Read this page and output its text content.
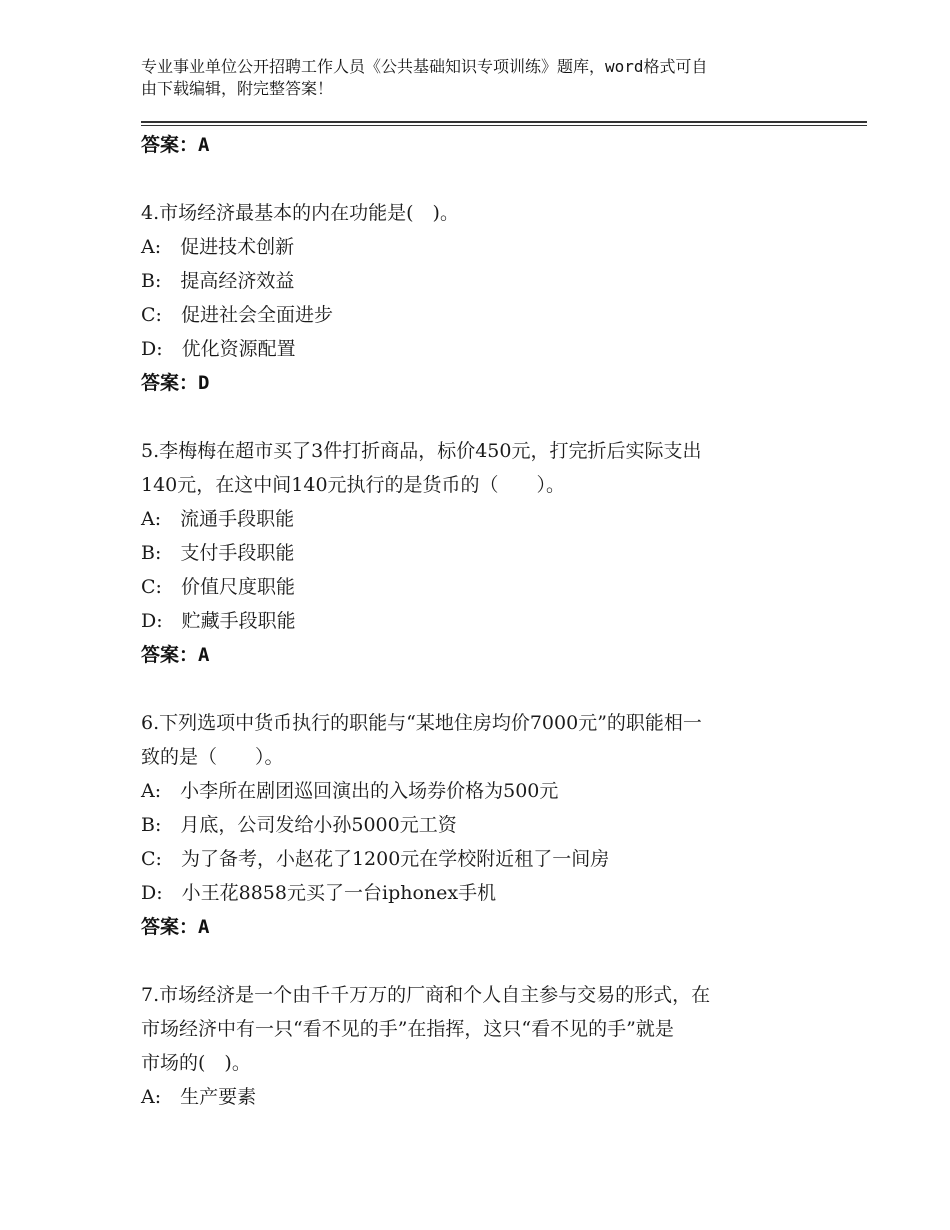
专业事业单位公开招聘工作人员《公共基础知识专项训练》题库，word格式可自
由下载编辑，附完整答案！
答案：A
4.市场经济最基本的内在功能是(　)。
A:　促进技术创新
B:　提高经济效益
C:　促进社会全面进步
D:　优化资源配置
答案：D
5.李梅梅在超市买了3件打折商品，标价450元，打完折后实际支出
140元，在这中间140元执行的是货币的（　　）。
A:　流通手段职能
B:　支付手段职能
C:　价值尺度职能
D:　贮藏手段职能
答案：A
6.下列选项中货币执行的职能与“某地住房均价7000元”的职能相一
致的是（　　）。
A:　小李所在剧团巡回演出的入场券价格为500元
B:　月底，公司发给小孙5000元工资
C:　为了备考，小赵花了1200元在学校附近租了一间房
D:　小王花8858元买了一台iphonex手机
答案：A
7.市场经济是一个由千千万万的厂商和个人自主参与交易的形式，在
市场经济中有一只“看不见的手”在指挥，这只“看不见的手”就是
市场的(　)。
A:　生产要素
